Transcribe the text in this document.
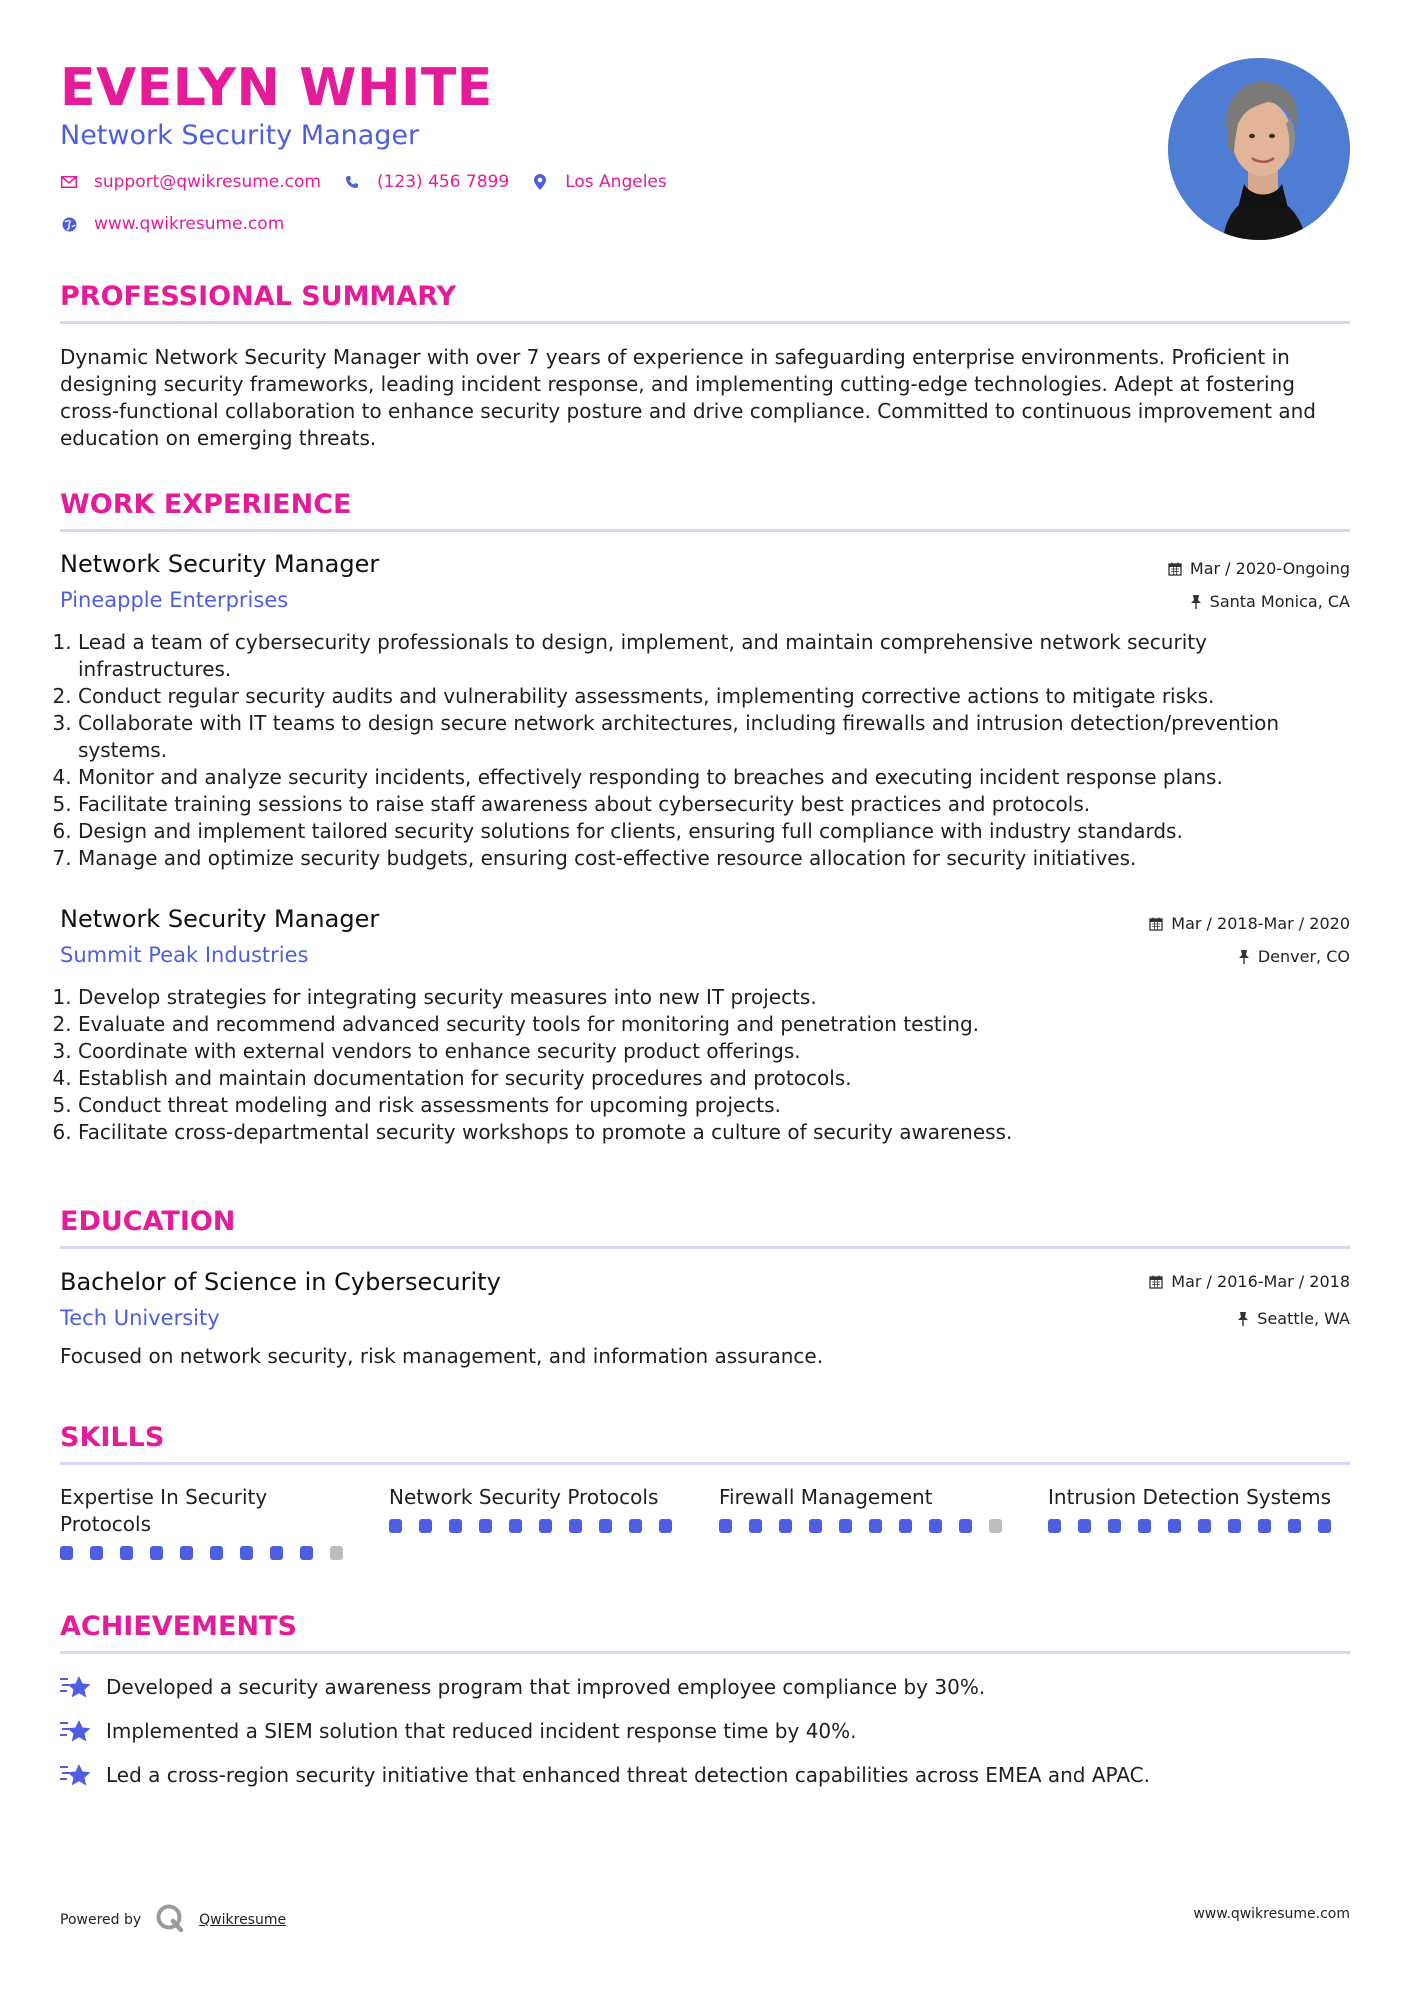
EVELYN WHITE
Network Security Manager
support@qwikresume.com	(123) 456 7899	Los Angeles
www.qwikresume.com
PROFESSIONAL SUMMARY
Dynamic Network Security Manager with over 7 years of experience in safeguarding enterprise environments. Proficient in designing security frameworks, leading incident response, and implementing cutting-edge technologies. Adept at fostering cross-functional collaboration to enhance security posture and drive compliance. Committed to continuous improvement and education on emerging threats.
WORK EXPERIENCE
Network Security Manager
Pineapple Enterprises
Mar / 2020-Ongoing
Santa Monica, CA
1. Lead a team of cybersecurity professionals to design, implement, and maintain comprehensive network security infrastructures.
2. Conduct regular security audits and vulnerability assessments, implementing corrective actions to mitigate risks.
3. Collaborate with IT teams to design secure network architectures, including firewalls and intrusion detection/prevention systems.
4. Monitor and analyze security incidents, effectively responding to breaches and executing incident response plans.
5. Facilitate training sessions to raise staff awareness about cybersecurity best practices and protocols.
6. Design and implement tailored security solutions for clients, ensuring full compliance with industry standards.
7. Manage and optimize security budgets, ensuring cost-effective resource allocation for security initiatives.
Network Security Manager
Summit Peak Industries
Mar / 2018-Mar / 2020
Denver, CO
1. Develop strategies for integrating security measures into new IT projects.
2. Evaluate and recommend advanced security tools for monitoring and penetration testing.
3. Coordinate with external vendors to enhance security product offerings.
4. Establish and maintain documentation for security procedures and protocols.
5. Conduct threat modeling and risk assessments for upcoming projects.
6. Facilitate cross-departmental security workshops to promote a culture of security awareness.
EDUCATION
Bachelor of Science in Cybersecurity
Tech University
Mar / 2016-Mar / 2018
Seattle, WA
Focused on network security, risk management, and information assurance.
SKILLS
Expertise In Security Protocols
Network Security Protocols	Firewall Management	Intrusion Detection Systems
ACHIEVEMENTS
Developed a security awareness program that improved employee compliance by 30%.
Implemented a SIEM solution that reduced incident response time by 40%.
Led a cross-region security initiative that enhanced threat detection capabilities across EMEA and APAC.
Powered by	Qwikresume	www.qwikresume.com
